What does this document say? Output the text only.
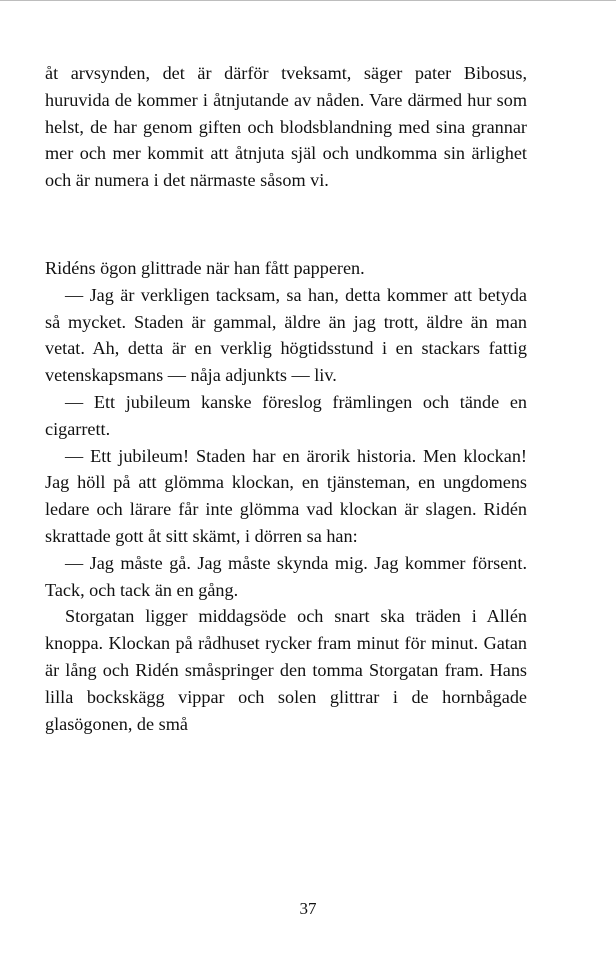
åt arvsynden, det är därför tveksamt, säger pater Bibosus, huruvida de kommer i åtnjutande av nåden. Vare därmed hur som helst, de har genom giften och blodsblandning med sina grannar mer och mer kommit att åtnjuta själ och undkomma sin ärlighet och är numera i det närmaste såsom vi.

Ridéns ögon glittrade när han fått papperen.

— Jag är verkligen tacksam, sa han, detta kommer att betyda så mycket. Staden är gammal, äldre än jag trott, äldre än man vetat. Ah, detta är en verklig högtidsstund i en stackars fattig vetenskapsmans — nåja adjunkts — liv.

— Ett jubileum kanske föreslog främlingen och tände en cigarrett.

— Ett jubileum! Staden har en ärorik historia. Men klockan! Jag höll på att glömma klockan, en tjänsteman, en ungdomens ledare och lärare får inte glömma vad klockan är slagen. Ridén skrattade gott åt sitt skämt, i dörren sa han:

— Jag måste gå. Jag måste skynda mig. Jag kommer försent. Tack, och tack än en gång.

Storgatan ligger middagsöde och snart ska träden i Allén knoppa. Klockan på rådhuset rycker fram minut för minut. Gatan är lång och Ridén småspringer den tomma Storgatan fram. Hans lilla bockskägg vippar och solen glittrar i de hornbågade glasögonen, de små

37
